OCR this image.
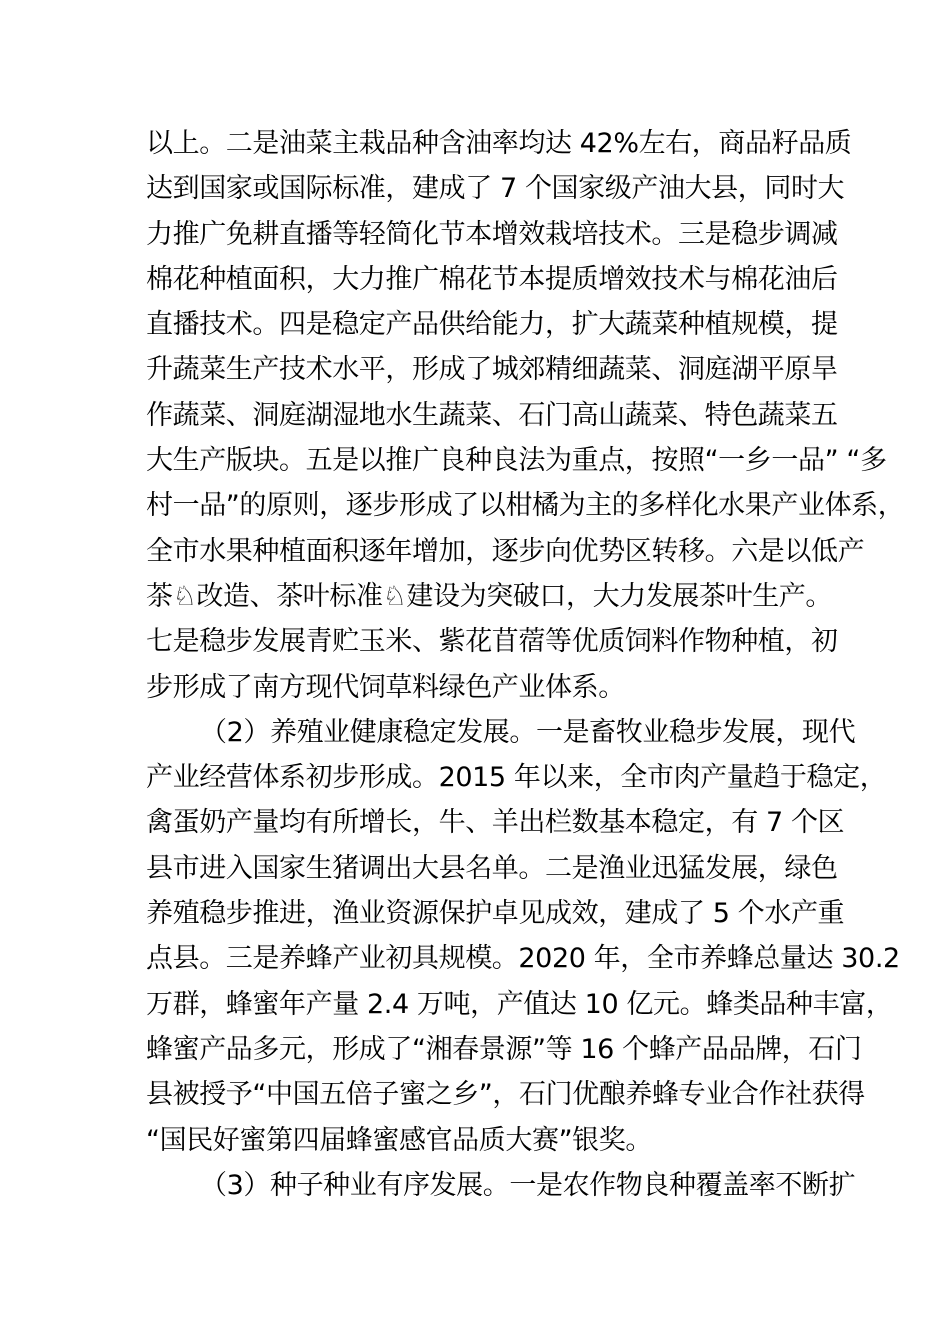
以上。二是油菜主栽品种含油率均达 42%左右，商品籽品质
达到国家或国际标准，建成了 7 个国家级产油大县，同时大
力推广免耕直播等轻简化节本增效栽培技术。三是稳步调减
棉花种植面积，大力推广棉花节本提质增效技术与棉花油后
直播技术。四是稳定产品供给能力，扩大蔬菜种植规模，提
升蔬菜生产技术水平，形成了城郊精细蔬菜、洞庭湖平原旱
作蔬菜、洞庭湖湿地水生蔬菜、石门高山蔬菜、特色蔬菜五
大生产版块。五是以推广良种良法为重点，按照“一乡一品” “多
村一品”的原则，逐步形成了以柑橘为主的多样化水果产业体系，
全市水果种植面积逐年增加，逐步向优势区转移。六是以低产
茶♘改造、茶叶标准♘建设为突破口，大力发展茶叶生产。
七是稳步发展青贮玉米、紫花苜蓿等优质饲料作物种植，初
步形成了南方现代饲草料绿色产业体系。
（2）养殖业健康稳定发展。一是畜牧业稳步发展，现代
产业经营体系初步形成。2015 年以来，全市肉产量趋于稳定，
禽蛋奶产量均有所增长，牛、羊出栏数基本稳定，有 7 个区
县市进入国家生猪调出大县名单。二是渔业迅猛发展，绿色
养殖稳步推进，渔业资源保护卓见成效，建成了 5 个水产重
点县。三是养蜂产业初具规模。2020 年，全市养蜂总量达 30.2
万群，蜂蜜年产量 2.4 万吨，产值达 10 亿元。蜂类品种丰富，
蜂蜜产品多元，形成了“湘春景源”等 16 个蜂产品品牌，石门
县被授予“中国五倍子蜜之乡”，石门优酿养蜂专业合作社获得
“国民好蜜第四届蜂蜜感官品质大赛”银奖。
（3）种子种业有序发展。一是农作物良种覆盖率不断扩
